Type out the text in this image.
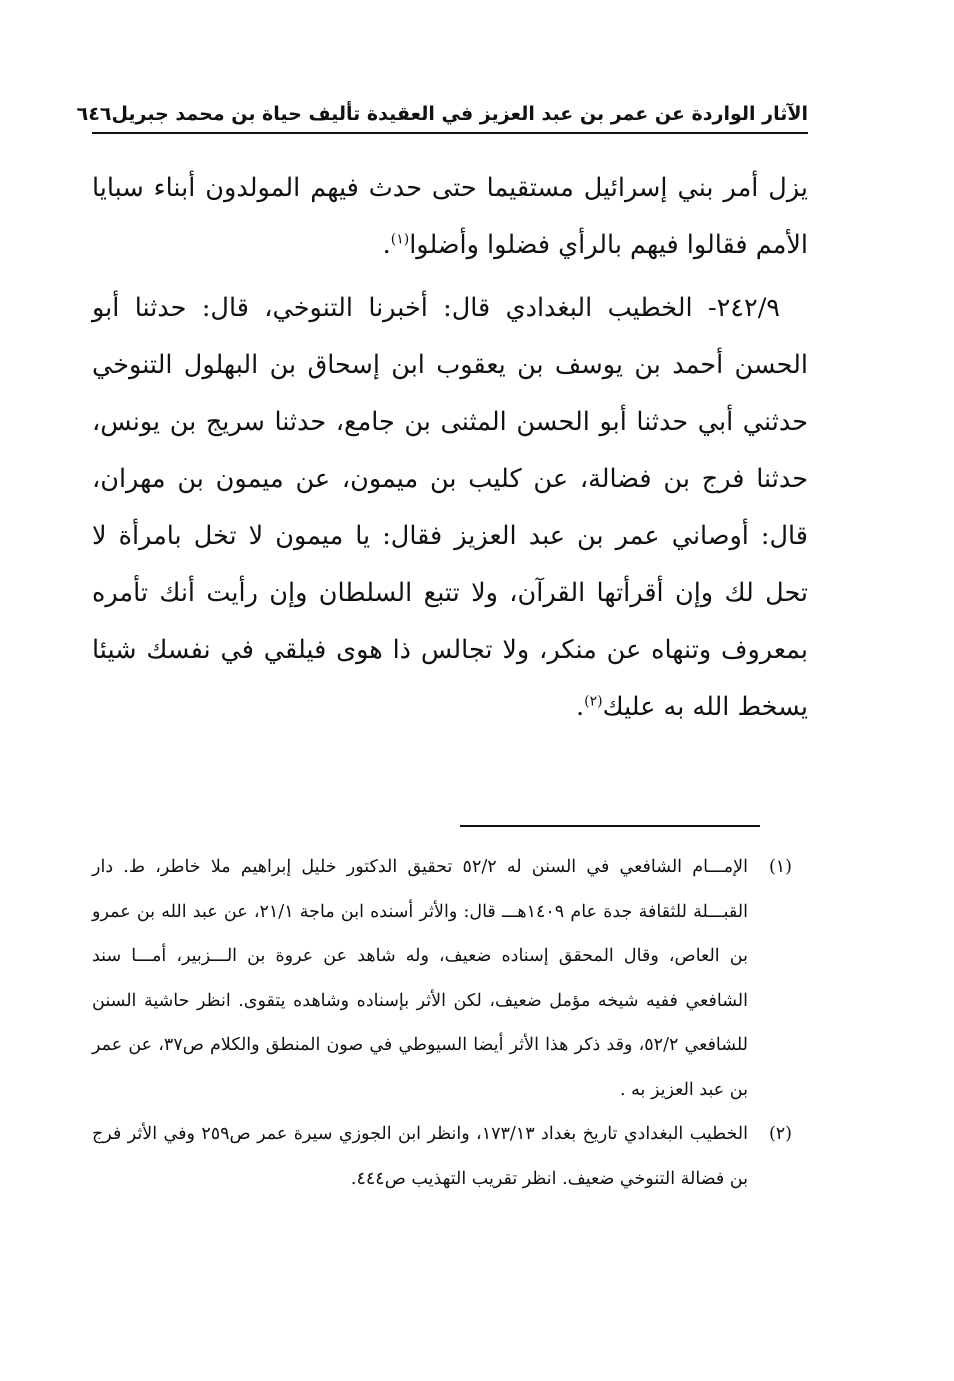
الآثار الواردة عن عمر بن عبد العزيز في العقيدة تأليف حياة بن محمد جبريل
٦٤٦

يزل أمر بني إسرائيل مستقيما حتى حدث فيهم المولدون أبناء سبايا الأمم فقالوا فيهم بالرأي فضلوا وأضلوا$^{(١)}$.

٢٤٢/٩- الخطيب البغدادي قال: أخبرنا التنوخي، قال: حدثنا أبو الحسن أحمد بن يوسف بن يعقوب ابن إسحاق بن البهلول التنوخي حدثني أبي حدثنا أبو الحسن المثنى بن جامع، حدثنا سريج بن يونس، حدثنا فرج بن فضالة، عن كليب بن ميمون، عن ميمون بن مهران، قال: أوصاني عمر بن عبد العزيز فقال: يا ميمون لا تخل بامرأة لا تحل لك وإن أقرأتها القرآن، ولا تتبع السلطان وإن رأيت أنك تأمره بمعروف وتنهاه عن منكر، ولا تجالس ذا هوى فيلقي في نفسك شيئا يسخط الله به عليك$^{(٢)}$.

(١)
الإمـــام الشافعي في السنن له ٥٢/٢ تحقيق الدكتور خليل إبراهيم ملا خاطر، ط. دار القبـــلة للثقافة جدة عام ١٤٠٩هـــ قال: والأثر أسنده ابن ماجة ٢١/١، عن عبد الله بن عمرو بن العاص، وقال المحقق إسناده ضعيف، وله شاهد عن عروة بن الـــزبير، أمـــا سند الشافعي ففيه شيخه مؤمل ضعيف، لكن الأثر بإسناده وشاهده يتقوى. انظر حاشية السنن للشافعي ٥٢/٢، وقد ذكر هذا الأثر أيضا السيوطي في صون المنطق والكلام ص٣٧، عن عمر بن عبد العزيز به .
(٢)
الخطيب البغدادي تاريخ بغداد ١٧٣/١٣، وانظر ابن الجوزي سيرة عمر ص٢٥٩ وفي الأثر فرج بن فضالة التنوخي ضعيف. انظر تقريب التهذيب ص٤٤٤.
